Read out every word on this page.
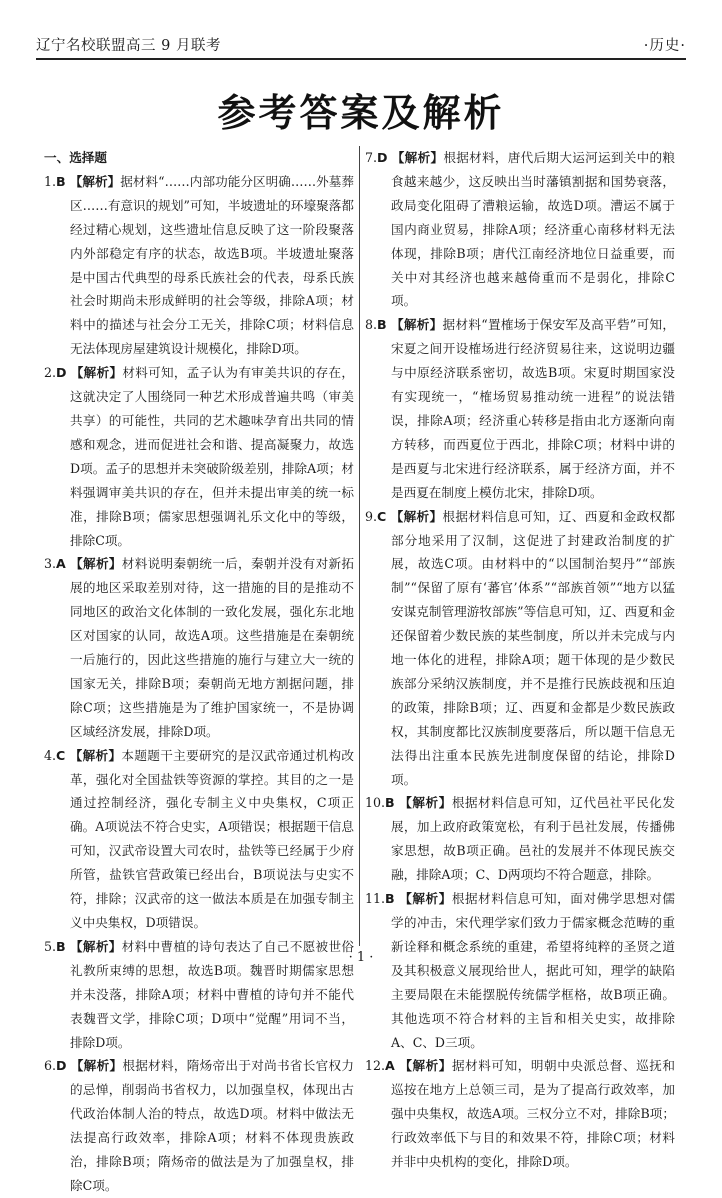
辽宁名校联盟高三 9 月联考	·历史·
参考答案及解析

一、选择题

1.B 【解析】据材料“……内部功能分区明确……外墓葬区……有意识的规划”可知，半坡遗址的环壕聚落都经过精心规划，这些遗址信息反映了这一阶段聚落内外部稳定有序的状态，故选B项。半坡遗址聚落是中国古代典型的母系氏族社会的代表，母系氏族社会时期尚未形成鲜明的社会等级，排除A项；材料中的描述与社会分工无关，排除C项；材料信息无法体现房屋建筑设计规模化，排除D项。

2.D 【解析】材料可知，孟子认为有审美共识的存在，这就决定了人围绕同一种艺术形成普遍共鸣（审美共享）的可能性，共同的艺术趣味孕育出共同的情感和观念，进而促进社会和谐、提高凝聚力，故选D项。孟子的思想并未突破阶级差别，排除A项；材料强调审美共识的存在，但并未提出审美的统一标准，排除B项；儒家思想强调礼乐文化中的等级，排除C项。

3.A 【解析】材料说明秦朝统一后，秦朝并没有对新拓展的地区采取差别对待，这一措施的目的是推动不同地区的政治文化体制的一致化发展，强化东北地区对国家的认同，故选A项。这些措施是在秦朝统一后施行的，因此这些措施的施行与建立大一统的国家无关，排除B项；秦朝尚无地方割据问题，排除C项；这些措施是为了维护国家统一，不是协调区域经济发展，排除D项。

4.C 【解析】本题题干主要研究的是汉武帝通过机构改革，强化对全国盐铁等资源的掌控。其目的之一是通过控制经济，强化专制主义中央集权，C项正确。A项说法不符合史实，A项错误；根据题干信息可知，汉武帝设置大司农时，盐铁等已经属于少府所管，盐铁官营政策已经出台，B项说法与史实不符，排除；汉武帝的这一做法本质是在加强专制主义中央集权，D项错误。

5.B 【解析】材料中曹植的诗句表达了自己不愿被世俗礼教所束缚的思想，故选B项。魏晋时期儒家思想并未没落，排除A项；材料中曹植的诗句并不能代表魏晋文学，排除C项；D项中“觉醒”用词不当，排除D项。

6.D 【解析】根据材料，隋炀帝出于对尚书省长官权力的忌惮，削弱尚书省权力，以加强皇权，体现出古代政治体制人治的特点，故选D项。材料中做法无法提高行政效率，排除A项；材料不体现贵族政治，排除B项；隋炀帝的做法是为了加强皇权，排除C项。

7.D 【解析】根据材料，唐代后期大运河运到关中的粮食越来越少，这反映出当时藩镇割据和国势衰落，政局变化阻碍了漕粮运输，故选D项。漕运不属于国内商业贸易，排除A项；经济重心南移材料无法体现，排除B项；唐代江南经济地位日益重要，而关中对其经济也越来越倚重而不是弱化，排除C项。

8.B 【解析】据材料“置榷场于保安军及高平砦”可知，宋夏之间开设榷场进行经济贸易往来，这说明边疆与中原经济联系密切，故选B项。宋夏时期国家没有实现统一，“榷场贸易推动统一进程”的说法错误，排除A项；经济重心转移是指由北方逐渐向南方转移，而西夏位于西北，排除C项；材料中讲的是西夏与北宋进行经济联系，属于经济方面，并不是西夏在制度上模仿北宋，排除D项。

9.C 【解析】根据材料信息可知，辽、西夏和金政权都部分地采用了汉制，这促进了封建政治制度的扩展，故选C项。由材料中的“以国制治契丹”“部族制”“保留了原有‘蕃官’体系”“部族首领”“地方以猛安谋克制管理游牧部族”等信息可知，辽、西夏和金还保留着少数民族的某些制度，所以并未完成与内地一体化的进程，排除A项；题干体现的是少数民族部分采纳汉族制度，并不是推行民族歧视和压迫的政策，排除B项；辽、西夏和金都是少数民族政权，其制度都比汉族制度要落后，所以题干信息无法得出注重本民族先进制度保留的结论，排除D项。

10.B 【解析】根据材料信息可知，辽代邑社平民化发展，加上政府政策宽松，有利于邑社发展，传播佛家思想，故B项正确。邑社的发展并不体现民族交融，排除A项；C、D两项均不符合题意，排除。

11.B 【解析】根据材料信息可知，面对佛学思想对儒学的冲击，宋代理学家们致力于儒家概念范畴的重新诠释和概念系统的重建，希望将纯粹的圣贤之道及其积极意义展现给世人，据此可知，理学的缺陷主要局限在未能摆脱传统儒学框格，故B项正确。其他选项不符合材料的主旨和相关史实，故排除A、C、D三项。

12.A 【解析】据材料可知，明朝中央派总督、巡抚和巡按在地方上总领三司，是为了提高行政效率，加强中央集权，故选A项。三权分立不对，排除B项；行政效率低下与目的和效果不符，排除C项；材料并非中央机构的变化，排除D项。

· 1 ·
